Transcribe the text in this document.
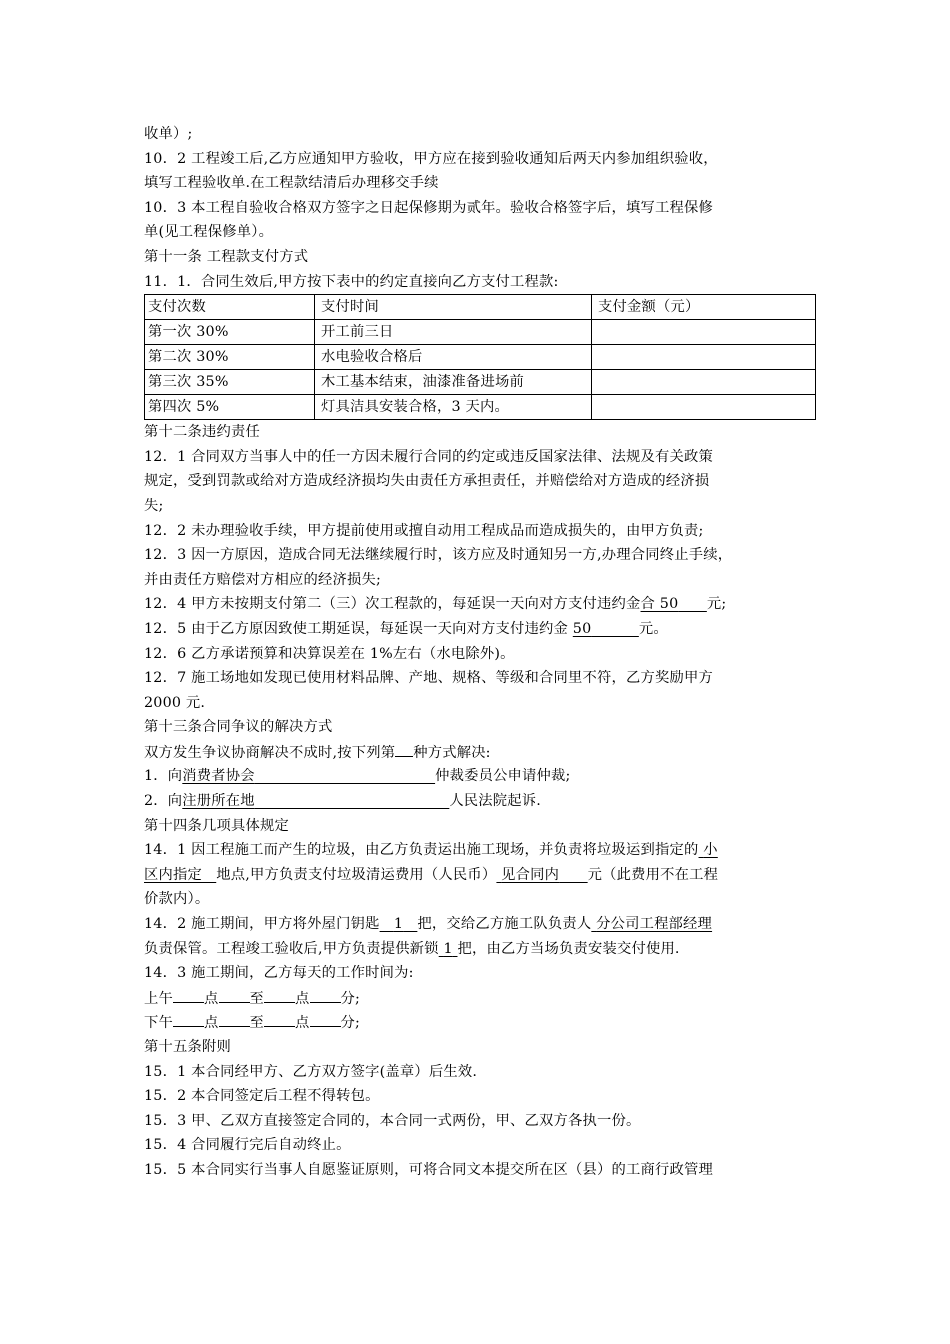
收单）;
10．2 工程竣工后,乙方应通知甲方验收，甲方应在接到验收通知后两天内参加组织验收，
填写工程验收单.在工程款结清后办理移交手续
10．3 本工程自验收合格双方签字之日起保修期为贰年。验收合格签字后，填写工程保修
单(见工程保修单）。
第十一条 工程款支付方式
11．1．合同生效后,甲方按下表中的约定直接向乙方支付工程款:
支付次数	支付时间	支付金额（元）
第一次 30%	开工前三日	
第二次 30%	水电验收合格后	
第三次 35%	木工基本结束，油漆准备进场前	
第四次 5%	灯具洁具安装合格，3 天内。	
第十二条违约责任
12．1 合同双方当事人中的任一方因未履行合同的约定或违反国家法律、法规及有关政策
规定，受到罚款或给对方造成经济损均失由责任方承担责任，并赔偿给对方造成的经济损
失;
12．2 未办理验收手续，甲方提前使用或擅自动用工程成品而造成损失的，由甲方负责;
12．3 因一方原因，造成合同无法继续履行时，该方应及时通知另一方,办理合同终止手续，
并由责任方赔偿对方相应的经济损失;
12．4 甲方未按期支付第二（三）次工程款的，每延误一天向对方支付违约金合 50 元;
12．5 由于乙方原因致使工期延误，每延误一天向对方支付违约金 50	元。
12．6 乙方承诺预算和决算误差在 1%左右（水电除外)。
12．7 施工场地如发现已使用材料品牌、产地、规格、等级和合同里不符，乙方奖励甲方
2000 元.
第十三条合同争议的解决方式
双方发生争议协商解决不成时,按下列第 种方式解决:
1．向消费者协会	仲裁委员公申请仲裁;
2．向注册所在地	人民法院起诉.
第十四条几项具体规定
14．1 因工程施工而产生的垃圾，由乙方负责运出施工现场，并负责将垃圾运到指定的 小
区内指定 地点,甲方负责支付垃圾清运费用（人民币） 见合同内 元（此费用不在工程
价款内）。
14．2 施工期间，甲方将外屋门钥匙 1 把，交给乙方施工队负责人 分公司工程部经理
负责保管。工程竣工验收后,甲方负责提供新锁 1 把，由乙方当场负责安装交付使用.
14．3 施工期间，乙方每天的工作时间为:
上午 点 至 点 分;
下午 点 至 点 分;
第十五条附则
15．1 本合同经甲方、乙方双方签字(盖章）后生效.
15．2 本合同签定后工程不得转包。
15．3 甲、乙双方直接签定合同的，本合同一式两份，甲、乙双方各执一份。
15．4 合同履行完后自动终止。
15．5 本合同实行当事人自愿鉴证原则，可将合同文本提交所在区（县）的工商行政管理
